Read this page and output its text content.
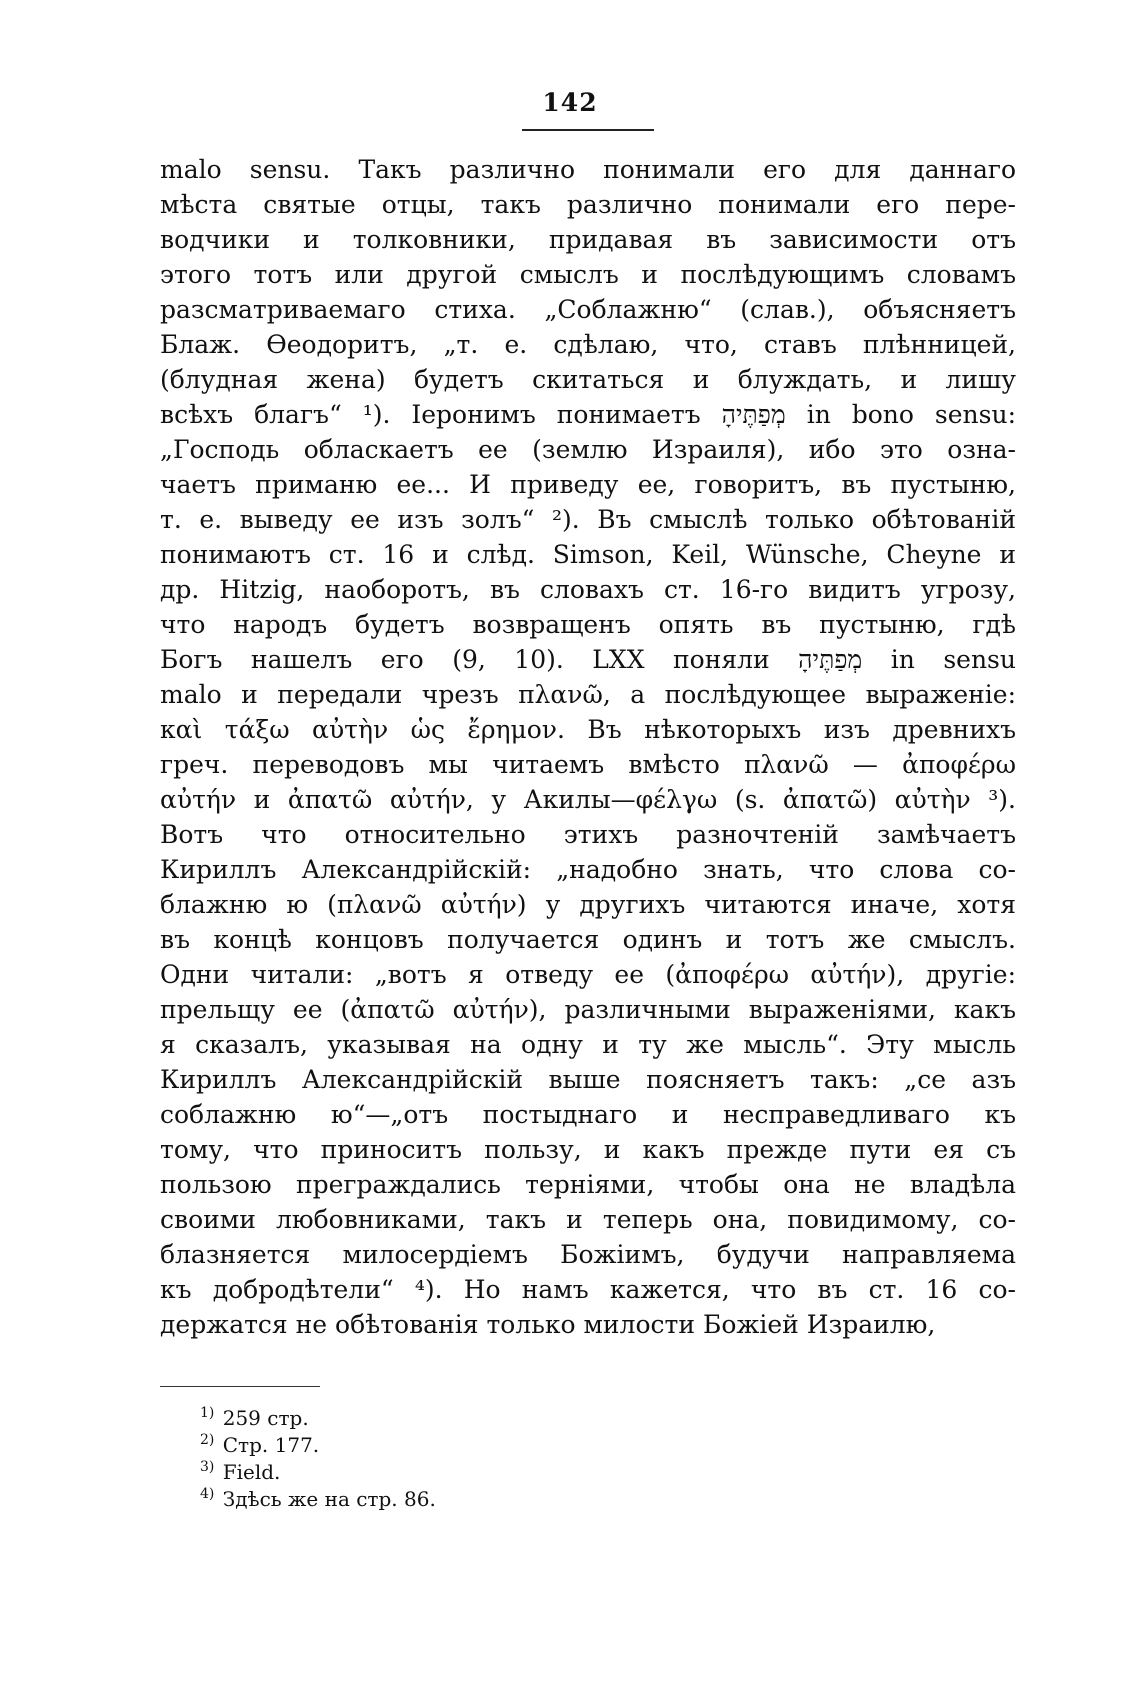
142
malo sensu. Такъ различно понимали его для даннаго
мѣста святые отцы, такъ различно понимали его пере-
водчики и толковники, придавая въ зависимости отъ
этого тотъ или другой смыслъ и послѣдующимъ словамъ
разсматриваемаго стиха. „Соблажню“ (слав.), объясняетъ
Блаж. Ѳеодоритъ, „т. е. сдѣлаю, что, ставъ плѣнницей,
(блудная жена) будетъ скитаться и блуждать, и лишу
всѣхъ благъ“ ¹). Іеронимъ понимаетъ מְפַתֶּיהָ in bono sensu:
„Господь обласкаетъ ее (землю Израиля), ибо это озна-
чаетъ приманю ее... И приведу ее, говоритъ, въ пустыню,
т. е. выведу ее изъ золъ“ ²). Въ смыслѣ только обѣтованій
понимаютъ ст. 16 и слѣд. Simson, Keil, Wünsche, Cheyne и
др. Hitzig, наоборотъ, въ словахъ ст. 16-го видитъ угрозу,
что народъ будетъ возвращенъ опять въ пустыню, гдѣ
Богъ нашелъ его (9, 10). LXX поняли מְפַתֶּיהָ in sensu
malo и передали чрезъ πλανῶ, а послѣдующее выраженіе:
καὶ τάξω αὐτὴν ὡς ἔρημον. Въ нѣкоторыхъ изъ древнихъ
греч. переводовъ мы читаемъ вмѣсто πλανῶ — ἀποφέρω
αὐτήν и ἀπατῶ αὐτήν, у Акилы—φέλγω (s. ἀπατῶ) αὐτὴν ³).
Вотъ что относительно этихъ разночтеній замѣчаетъ
Кириллъ Александрійскій: „надобно знать, что слова со-
блажню ю (πλανῶ αὐτήν) у другихъ читаются иначе, хотя
въ концѣ концовъ получается одинъ и тотъ же смыслъ.
Одни читали: „вотъ я отведу ее (ἀποφέρω αὐτήν), другіе:
прельщу ее (ἀπατῶ αὐτήν), различными выраженіями, какъ
я сказалъ, указывая на одну и ту же мысль“. Эту мысль
Кириллъ Александрійскій выше поясняетъ такъ: „се азъ
соблажню ю“—„отъ постыднаго и несправедливаго къ
тому, что приноситъ пользу, и какъ прежде пути ея съ
пользою преграждались терніями, чтобы она не владѣла
своими любовниками, такъ и теперь она, повидимому, со-
блазняется милосердіемъ Божіимъ, будучи направляема
къ добродѣтели“ ⁴). Но намъ кажется, что въ ст. 16 со-
держатся не обѣтованія только милости Божіей Израилю,
$^{1)}$ 259 стр.
$^{2)}$ Стр. 177.
$^{3)}$ Field.
$^{4)}$ Здѣсь же на стр. 86.
